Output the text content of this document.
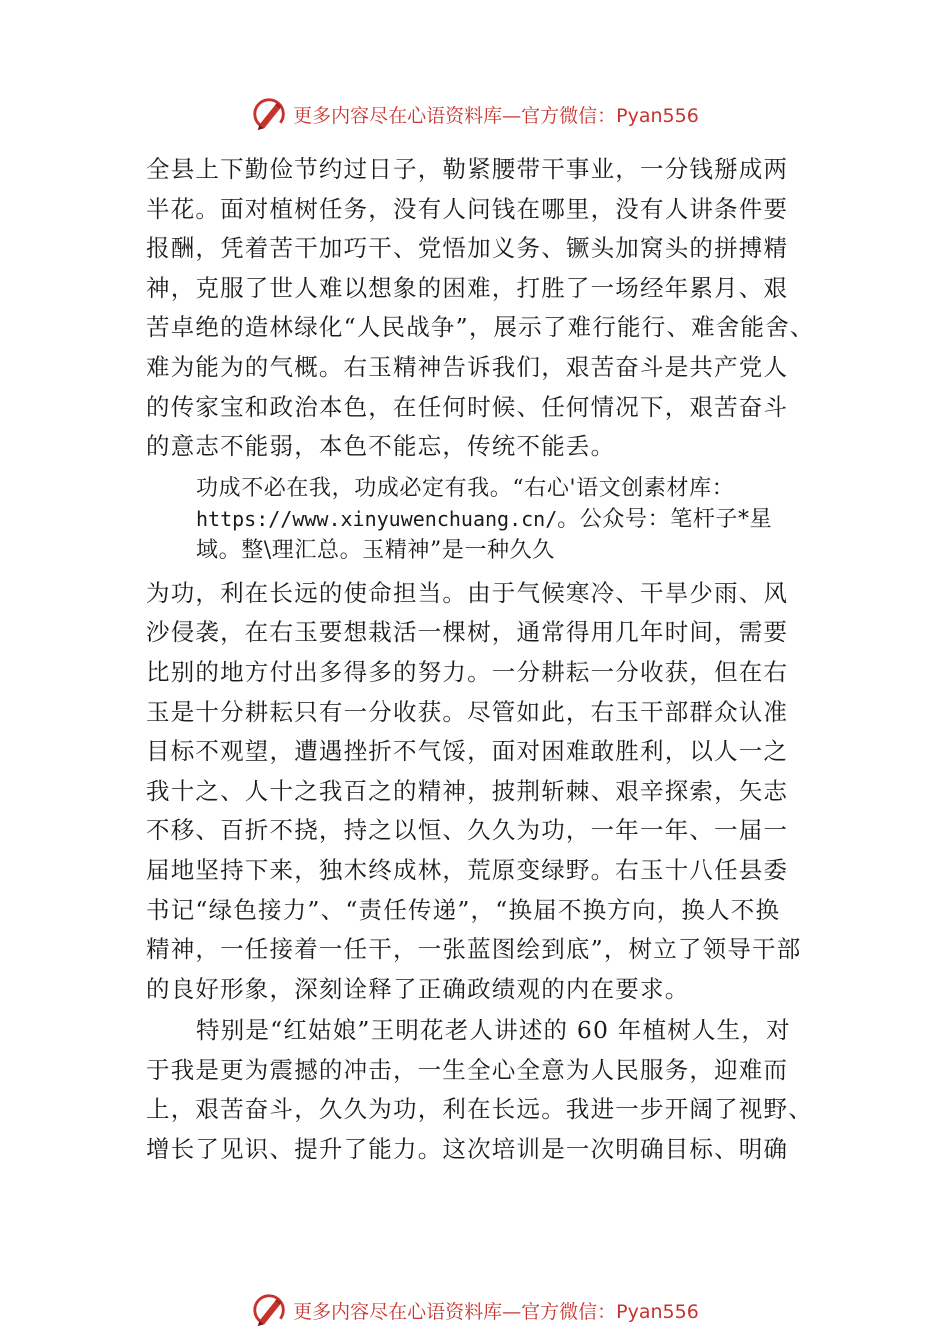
更多内容尽在心语资料库—官方微信：Pyan556
全县上下勤俭节约过日子，勒紧腰带干事业，一分钱掰成两
半花。面对植树任务，没有人问钱在哪里，没有人讲条件要
报酬，凭着苦干加巧干、党悟加义务、镢头加窝头的拼搏精
神，克服了世人难以想象的困难，打胜了一场经年累月、艰
苦卓绝的造林绿化“人民战争”，展示了难行能行、难舍能舍、
难为能为的气概。右玉精神告诉我们，艰苦奋斗是共产党人
的传家宝和政治本色，在任何时候、任何情况下，艰苦奋斗
的意志不能弱，本色不能忘，传统不能丢。
功成不必在我，功成必定有我。“右心'语文创素材库：
https://www.xinyuwenchuang.cn/。公众号：笔杆子*星
域。整\理汇总。玉精神”是一种久久
为功，利在长远的使命担当。由于气候寒冷、干旱少雨、风
沙侵袭，在右玉要想栽活一棵树，通常得用几年时间，需要
比别的地方付出多得多的努力。一分耕耘一分收获，但在右
玉是十分耕耘只有一分收获。尽管如此，右玉干部群众认准
目标不观望，遭遇挫折不气馁，面对困难敢胜利，以人一之
我十之、人十之我百之的精神，披荆斩棘、艰辛探索，矢志
不移、百折不挠，持之以恒、久久为功，一年一年、一届一
届地坚持下来，独木终成林，荒原变绿野。右玉十八任县委
书记“绿色接力”、“责任传递”，“换届不换方向，换人不换
精神，一任接着一任干，一张蓝图绘到底”，树立了领导干部
的良好形象，深刻诠释了正确政绩观的内在要求。
特别是“红姑娘”王明花老人讲述的 60 年植树人生，对
于我是更为震撼的冲击，一生全心全意为人民服务，迎难而
上，艰苦奋斗，久久为功，利在长远。我进一步开阔了视野、
增长了见识、提升了能力。这次培训是一次明确目标、明确
更多内容尽在心语资料库—官方微信：Pyan556
